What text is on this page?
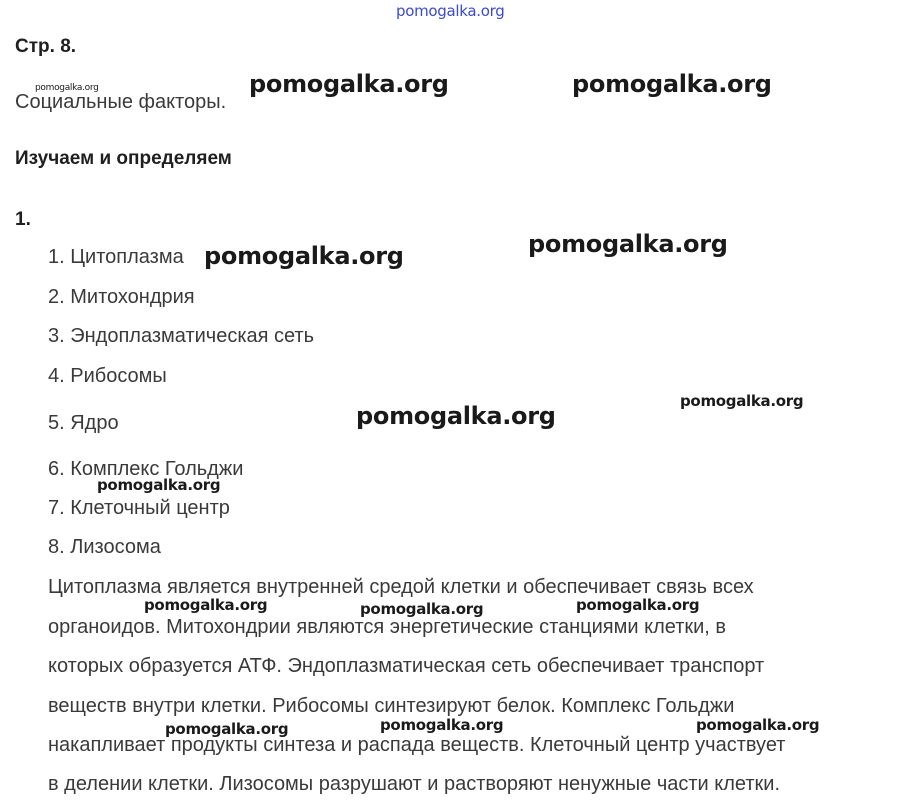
Стр. 8.
Социальные факторы.
Изучаем и определяем
1.
1. Цитоплазма
2. Митохондрия
3. Эндоплазматическая сеть
4. Рибосомы
5. Ядро
6. Комплекс Гольджи
7. Клеточный центр
8. Лизосома
Цитоплазма является внутренней средой клетки и обеспечивает связь всех
органоидов. Митохондрии являются энергетические станциями клетки, в
которых образуется АТФ. Эндоплазматическая сеть обеспечивает транспорт
веществ внутри клетки. Рибосомы синтезируют белок. Комплекс Гольджи
накапливает продукты синтеза и распада веществ. Клеточный центр участвует
в делении клетки. Лизосомы разрушают и растворяют ненужные части клетки.
pomogalka.org
pomogalka.org	pomogalka.org	pomogalka.org
pomogalka.org	pomogalka.org
pomogalka.org
pomogalka.org
pomogalka.org
pomogalka.org	pomogalka.org	pomogalka.org
pomogalka.org	pomogalka.org	pomogalka.org
